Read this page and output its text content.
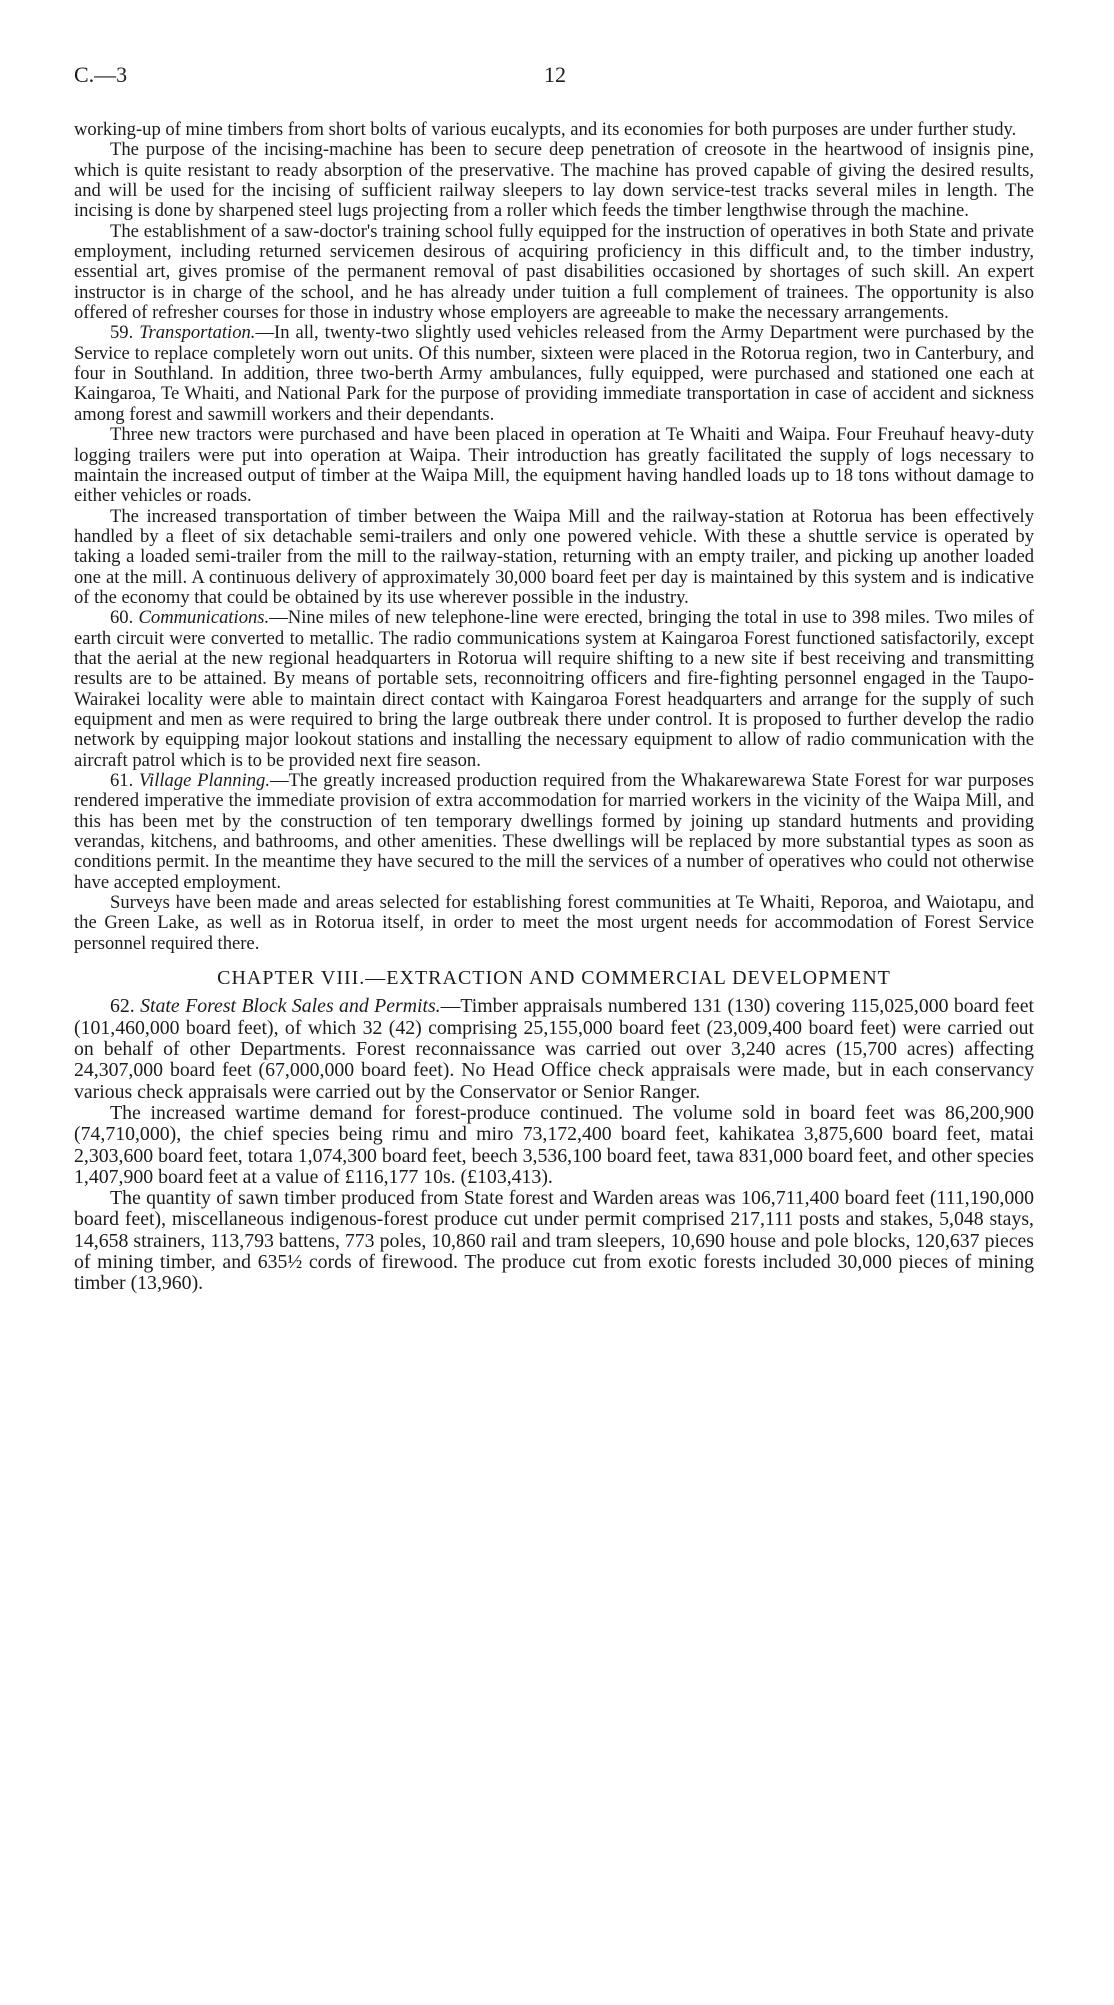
C.—3	12

working-up of mine timbers from short bolts of various eucalypts, and its economies for both purposes are under further study.

The purpose of the incising-machine has been to secure deep penetration of creosote in the heartwood of insignis pine, which is quite resistant to ready absorption of the preservative. The machine has proved capable of giving the desired results, and will be used for the incising of sufficient railway sleepers to lay down service-test tracks several miles in length. The incising is done by sharpened steel lugs projecting from a roller which feeds the timber lengthwise through the machine.

The establishment of a saw-doctor's training school fully equipped for the instruction of operatives in both State and private employment, including returned servicemen desirous of acquiring proficiency in this difficult and, to the timber industry, essential art, gives promise of the permanent removal of past disabilities occasioned by shortages of such skill. An expert instructor is in charge of the school, and he has already under tuition a full complement of trainees. The opportunity is also offered of refresher courses for those in industry whose employers are agreeable to make the necessary arrangements.

59. Transportation.—In all, twenty-two slightly used vehicles released from the Army Department were purchased by the Service to replace completely worn out units. Of this number, sixteen were placed in the Rotorua region, two in Canterbury, and four in Southland. In addition, three two-berth Army ambulances, fully equipped, were purchased and stationed one each at Kaingaroa, Te Whaiti, and National Park for the purpose of providing immediate transportation in case of accident and sickness among forest and sawmill workers and their dependants.

Three new tractors were purchased and have been placed in operation at Te Whaiti and Waipa. Four Freuhauf heavy-duty logging trailers were put into operation at Waipa. Their introduction has greatly facilitated the supply of logs necessary to maintain the increased output of timber at the Waipa Mill, the equipment having handled loads up to 18 tons without damage to either vehicles or roads.

The increased transportation of timber between the Waipa Mill and the railway-station at Rotorua has been effectively handled by a fleet of six detachable semi-trailers and only one powered vehicle. With these a shuttle service is operated by taking a loaded semi-trailer from the mill to the railway-station, returning with an empty trailer, and picking up another loaded one at the mill. A continuous delivery of approximately 30,000 board feet per day is maintained by this system and is indicative of the economy that could be obtained by its use wherever possible in the industry.

60. Communications.—Nine miles of new telephone-line were erected, bringing the total in use to 398 miles. Two miles of earth circuit were converted to metallic. The radio communications system at Kaingaroa Forest functioned satisfactorily, except that the aerial at the new regional headquarters in Rotorua will require shifting to a new site if best receiving and transmitting results are to be attained. By means of portable sets, reconnoitring officers and fire-fighting personnel engaged in the Taupo-Wairakei locality were able to maintain direct contact with Kaingaroa Forest headquarters and arrange for the supply of such equipment and men as were required to bring the large outbreak there under control. It is proposed to further develop the radio network by equipping major lookout stations and installing the necessary equipment to allow of radio communication with the aircraft patrol which is to be provided next fire season.

61. Village Planning.—The greatly increased production required from the Whakarewarewa State Forest for war purposes rendered imperative the immediate provision of extra accommodation for married workers in the vicinity of the Waipa Mill, and this has been met by the construction of ten temporary dwellings formed by joining up standard hutments and providing verandas, kitchens, and bathrooms, and other amenities. These dwellings will be replaced by more substantial types as soon as conditions permit. In the meantime they have secured to the mill the services of a number of operatives who could not otherwise have accepted employment.

Surveys have been made and areas selected for establishing forest communities at Te Whaiti, Reporoa, and Waiotapu, and the Green Lake, as well as in Rotorua itself, in order to meet the most urgent needs for accommodation of Forest Service personnel required there.

CHAPTER VIII.—EXTRACTION AND COMMERCIAL DEVELOPMENT

62. State Forest Block Sales and Permits.—Timber appraisals numbered 131 (130) covering 115,025,000 board feet (101,460,000 board feet), of which 32 (42) comprising 25,155,000 board feet (23,009,400 board feet) were carried out on behalf of other Departments. Forest reconnaissance was carried out over 3,240 acres (15,700 acres) affecting 24,307,000 board feet (67,000,000 board feet). No Head Office check appraisals were made, but in each conservancy various check appraisals were carried out by the Conservator or Senior Ranger.

The increased wartime demand for forest-produce continued. The volume sold in board feet was 86,200,900 (74,710,000), the chief species being rimu and miro 73,172,400 board feet, kahikatea 3,875,600 board feet, matai 2,303,600 board feet, totara 1,074,300 board feet, beech 3,536,100 board feet, tawa 831,000 board feet, and other species 1,407,900 board feet at a value of £116,177 10s. (£103,413).

The quantity of sawn timber produced from State forest and Warden areas was 106,711,400 board feet (111,190,000 board feet), miscellaneous indigenous-forest produce cut under permit comprised 217,111 posts and stakes, 5,048 stays, 14,658 strainers, 113,793 battens, 773 poles, 10,860 rail and tram sleepers, 10,690 house and pole blocks, 120,637 pieces of mining timber, and 635½ cords of firewood. The produce cut from exotic forests included 30,000 pieces of mining timber (13,960).
